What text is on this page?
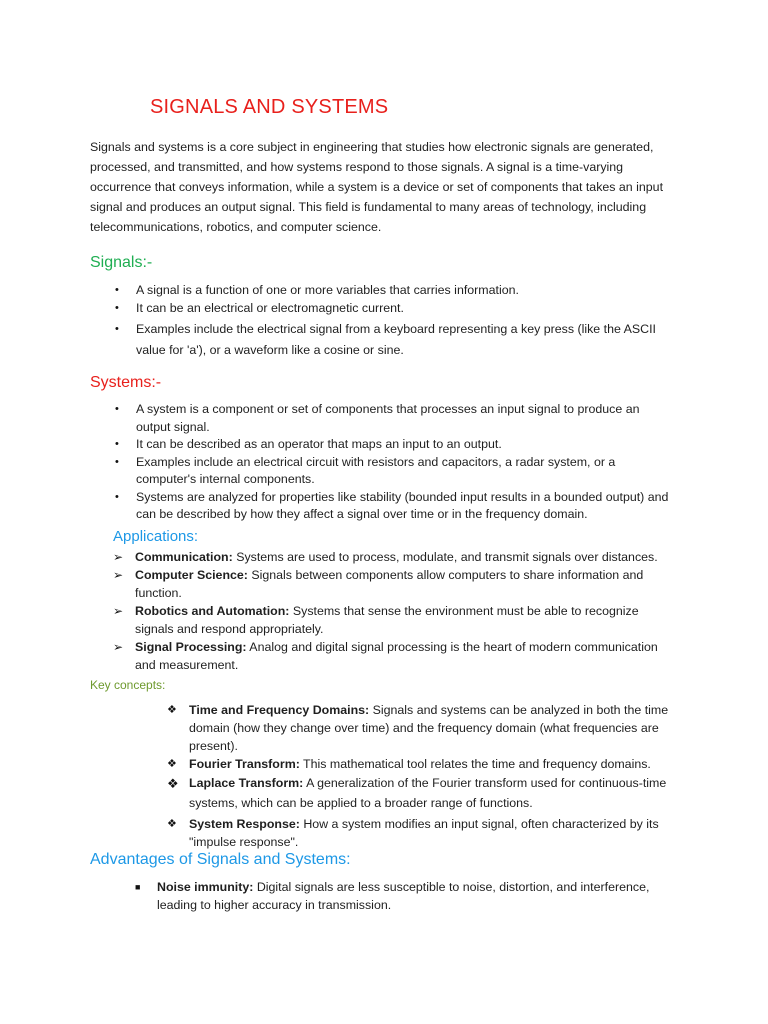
SIGNALS AND SYSTEMS
Signals and systems is a core subject in engineering that studies how electronic signals are generated, processed, and transmitted, and how systems respond to those signals. A signal is a time-varying occurrence that conveys information, while a system is a device or set of components that takes an input signal and produces an output signal. This field is fundamental to many areas of technology, including telecommunications, robotics, and computer science.
Signals:-
• A signal is a function of one or more variables that carries information.
• It can be an electrical or electromagnetic current.
• Examples include the electrical signal from a keyboard representing a key press (like the ASCII value for 'a'), or a waveform like a cosine or sine.
Systems:-
• A system is a component or set of components that processes an input signal to produce an output signal.
• It can be described as an operator that maps an input to an output.
• Examples include an electrical circuit with resistors and capacitors, a radar system, or a computer's internal components.
• Systems are analyzed for properties like stability (bounded input results in a bounded output) and can be described by how they affect a signal over time or in the frequency domain.
Applications:
➢ Communication: Systems are used to process, modulate, and transmit signals over distances.
➢ Computer Science: Signals between components allow computers to share information and function.
➢ Robotics and Automation: Systems that sense the environment must be able to recognize signals and respond appropriately.
➢ Signal Processing: Analog and digital signal processing is the heart of modern communication and measurement.
Key concepts:
❖ Time and Frequency Domains: Signals and systems can be analyzed in both the time domain (how they change over time) and the frequency domain (what frequencies are present).
❖ Fourier Transform: This mathematical tool relates the time and frequency domains.
❖ Laplace Transform: A generalization of the Fourier transform used for continuous-time systems, which can be applied to a broader range of functions.
❖ System Response: How a system modifies an input signal, often characterized by its "impulse response".
Advantages of Signals and Systems:
■ Noise immunity: Digital signals are less susceptible to noise, distortion, and interference, leading to higher accuracy in transmission.
